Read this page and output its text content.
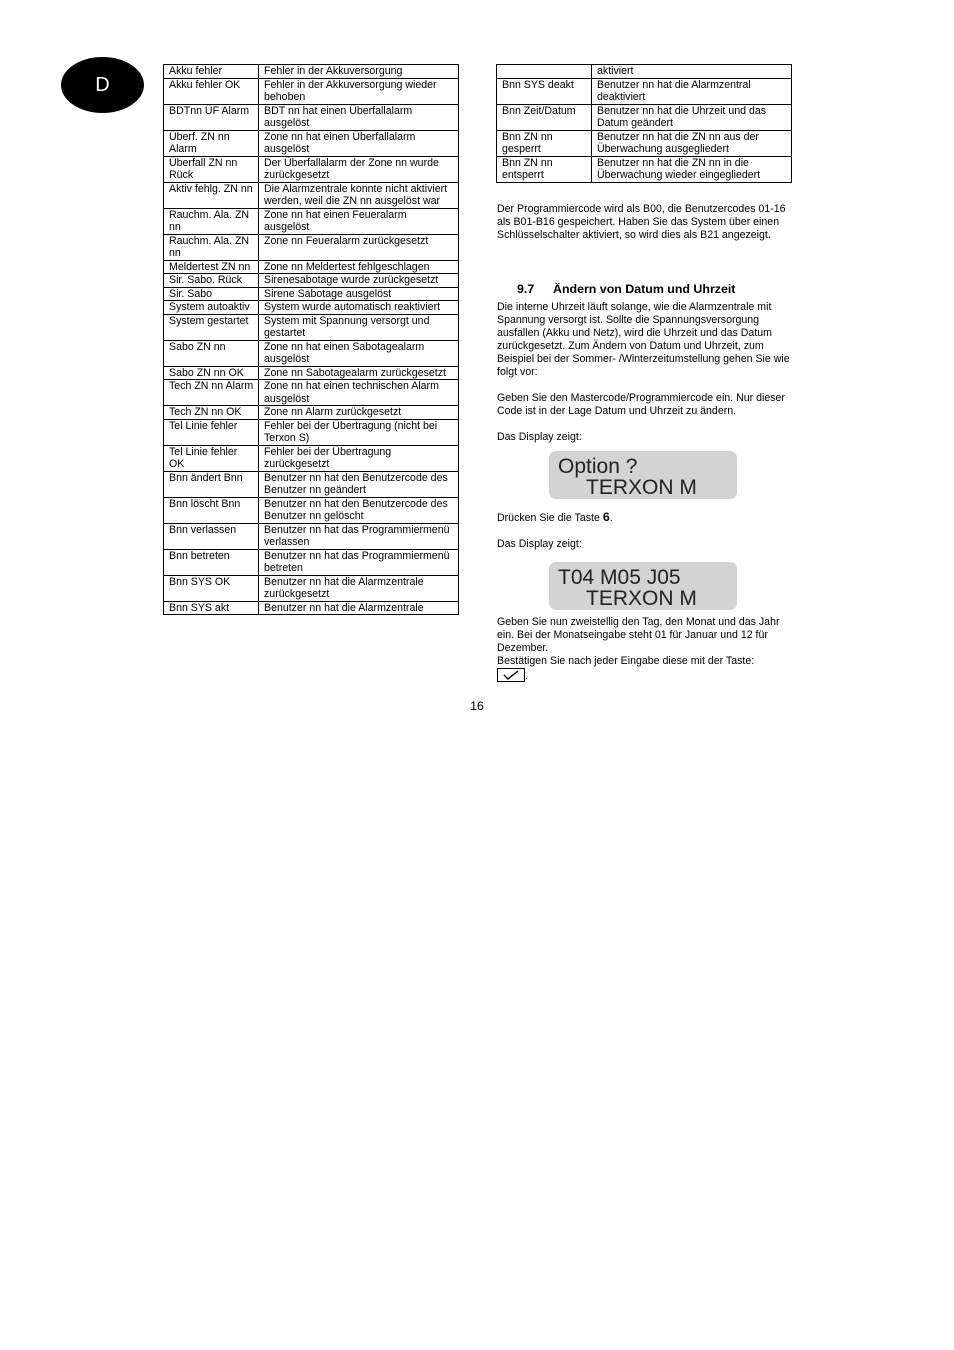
D
Akku fehler	Fehler in der Akkuversorgung
Akku fehler OK	Fehler in der Akkuversorgung wieder behoben
BDTnn ÜF Alarm	BDT nn hat einen Überfallalarm ausgelöst
Überf. ZN nn Alarm	Zone nn hat einen Überfallalarm ausgelöst
Überfall ZN nn Rück	Der Überfallalarm der Zone nn wurde zurückgesetzt
Aktiv fehlg. ZN nn	Die Alarmzentrale konnte nicht aktiviert werden, weil die ZN nn ausgelöst war
Rauchm. Ala. ZN nn	Zone nn hat einen Feueralarm ausgelöst
Rauchm. Ala. ZN nn	Zone nn Feueralarm zurückgesetzt
Meldertest ZN nn	Zone nn Meldertest fehlgeschlagen
Sir. Sabo. Rück	Sirenesabotage wurde zurückgesetzt
Sir. Sabo	Sirene Sabotage ausgelöst
System autoaktiv	System wurde automatisch reaktiviert
System gestartet	System mit Spannung versorgt und gestartet
Sabo ZN nn	Zone nn hat einen Sabotagealarm ausgelöst
Sabo ZN nn OK	Zone nn Sabotagealarm zurückgesetzt
Tech ZN nn Alarm	Zone nn hat einen technischen Alarm ausgelöst
Tech ZN nn OK	Zone nn Alarm zurückgesetzt
Tel Linie fehler	Fehler bei der Übertragung (nicht bei Terxon S)
Tel Linie fehler OK	Fehler bei der Übertragung zurückgesetzt
Bnn ändert Bnn	Benutzer nn hat den Benutzercode des Benutzer nn geändert
Bnn löscht Bnn	Benutzer nn hat den Benutzercode des Benutzer nn gelöscht
Bnn verlassen	Benutzer nn hat das Programmiermenü verlassen
Bnn betreten	Benutzer nn hat das Programmiermenü betreten
Bnn SYS OK	Benutzer nn hat die Alarmzentrale zurückgesetzt
Bnn SYS akt	Benutzer nn hat die Alarmzentrale
	aktiviert
Bnn SYS deakt	Benutzer nn hat die Alarmzentral deaktiviert
Bnn Zeit/Datum	Benutzer nn hat die Uhrzeit und das Datum geändert
Bnn ZN nn gesperrt	Benutzer nn hat die ZN nn aus der Überwachung ausgegliedert
Bnn ZN nn entsperrt	Benutzer nn hat die ZN nn in die Überwachung wieder eingegliedert

Der Programmiercode wird als B00, die Benutzercodes 01-16 als B01-B16 gespeichert. Haben Sie das System über einen Schlüsselschalter aktiviert, so wird dies als B21 angezeigt.

9.7 Ändern von Datum und Uhrzeit

Die interne Uhrzeit läuft solange, wie die Alarmzentrale mit Spannung versorgt ist. Sollte die Spannungsversorgung ausfallen (Akku und Netz), wird die Uhrzeit und das Datum zurückgesetzt. Zum Ändern von Datum und Uhrzeit, zum Beispiel bei der Sommer- /Winterzeitumstellung gehen Sie wie folgt vor:

Geben Sie den Mastercode/Programmiercode ein. Nur dieser Code ist in der Lage Datum und Uhrzeit zu ändern.

Das Display zeigt:

Option ?
TERXON M

Drücken Sie die Taste 6.

Das Display zeigt:

T04 M05 J05
TERXON M

Geben Sie nun zweistellig den Tag, den Monat und das Jahr ein. Bei der Monatseingabe steht 01 für Januar und 12 für Dezember.

Bestätigen Sie nach jeder Eingabe diese mit der Taste:

.

16
